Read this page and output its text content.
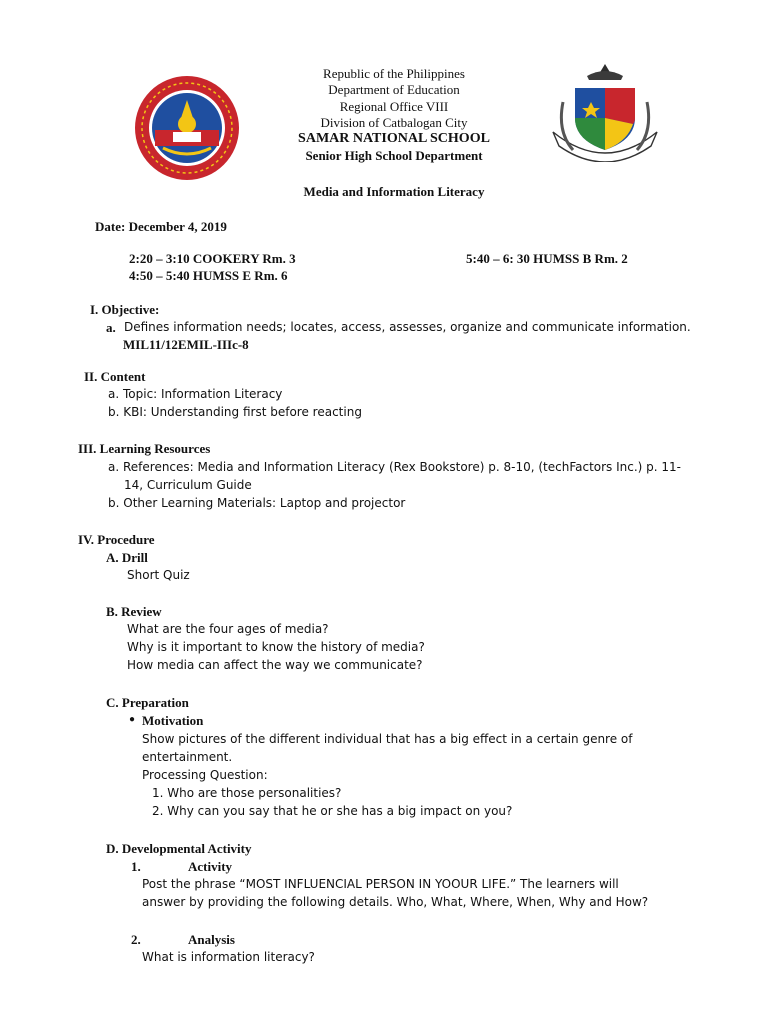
Republic of the Philippines
Department of Education
Regional Office VIII
Division of Catbalogan City
SAMAR NATIONAL SCHOOL
Senior High School Department
Media and Information Literacy
Date: December 4, 2019
2:20 – 3:10 COOKERY Rm. 3	5:40 – 6: 30 HUMSS B Rm. 2
4:50 – 5:40 HUMSS E Rm. 6
I. Objective:
a. Defines information needs; locates, access, assesses, organize and communicate information.
MIL11/12EMIL-IIIc-8
II. Content
a. Topic: Information Literacy
b. KBI: Understanding first before reacting
III. Learning Resources
a. References: Media and Information Literacy (Rex Bookstore) p. 8-10, (techFactors Inc.) p. 11-
14, Curriculum Guide
b. Other Learning Materials: Laptop and projector
IV. Procedure
A. Drill
Short Quiz
B. Review
What are the four ages of media?
Why is it important to know the history of media?
How media can affect the way we communicate?
C. Preparation
● Motivation
Show pictures of the different individual that has a big effect in a certain genre of
entertainment.
Processing Question:
1. Who are those personalities?
2. Why can you say that he or she has a big impact on you?
D. Developmental Activity
1.	Activity
Post the phrase “MOST INFLUENCIAL PERSON IN YOOUR LIFE.” The learners will
answer by providing the following details. Who, What, Where, When, Why and How?
2.	Analysis
What is information literacy?
